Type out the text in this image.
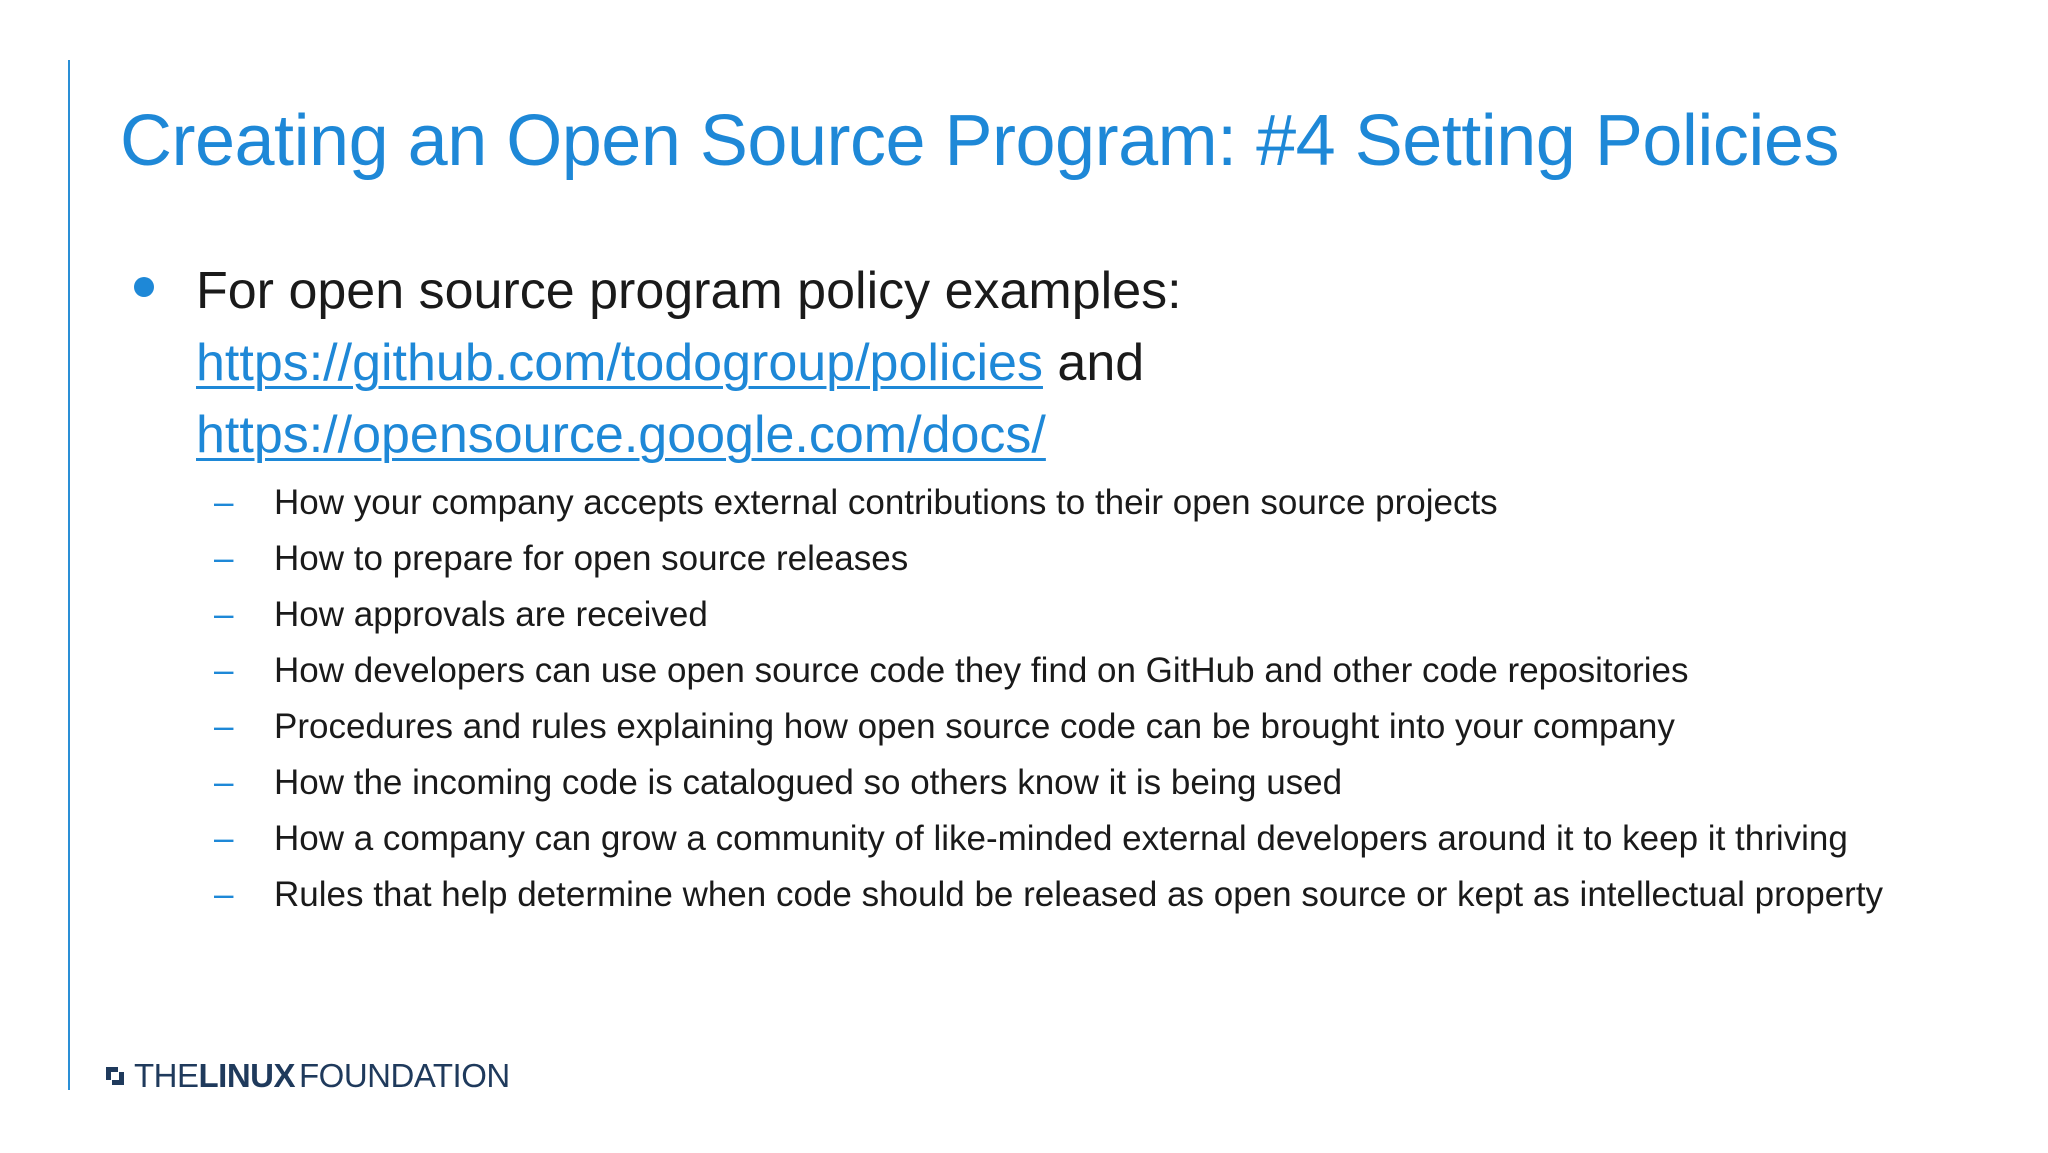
Creating an Open Source Program: #4 Setting Policies
For open source program policy examples:
https://github.com/todogroup/policies and
https://opensource.google.com/docs/
– How your company accepts external contributions to their open source projects
– How to prepare for open source releases
– How approvals are received
– How developers can use open source code they find on GitHub and other code repositories
– Procedures and rules explaining how open source code can be brought into your company
– How the incoming code is catalogued so others know it is being used
– How a company can grow a community of like-minded external developers around it to keep it thriving
– Rules that help determine when code should be released as open source or kept as intellectual property
THE LINUX FOUNDATION
